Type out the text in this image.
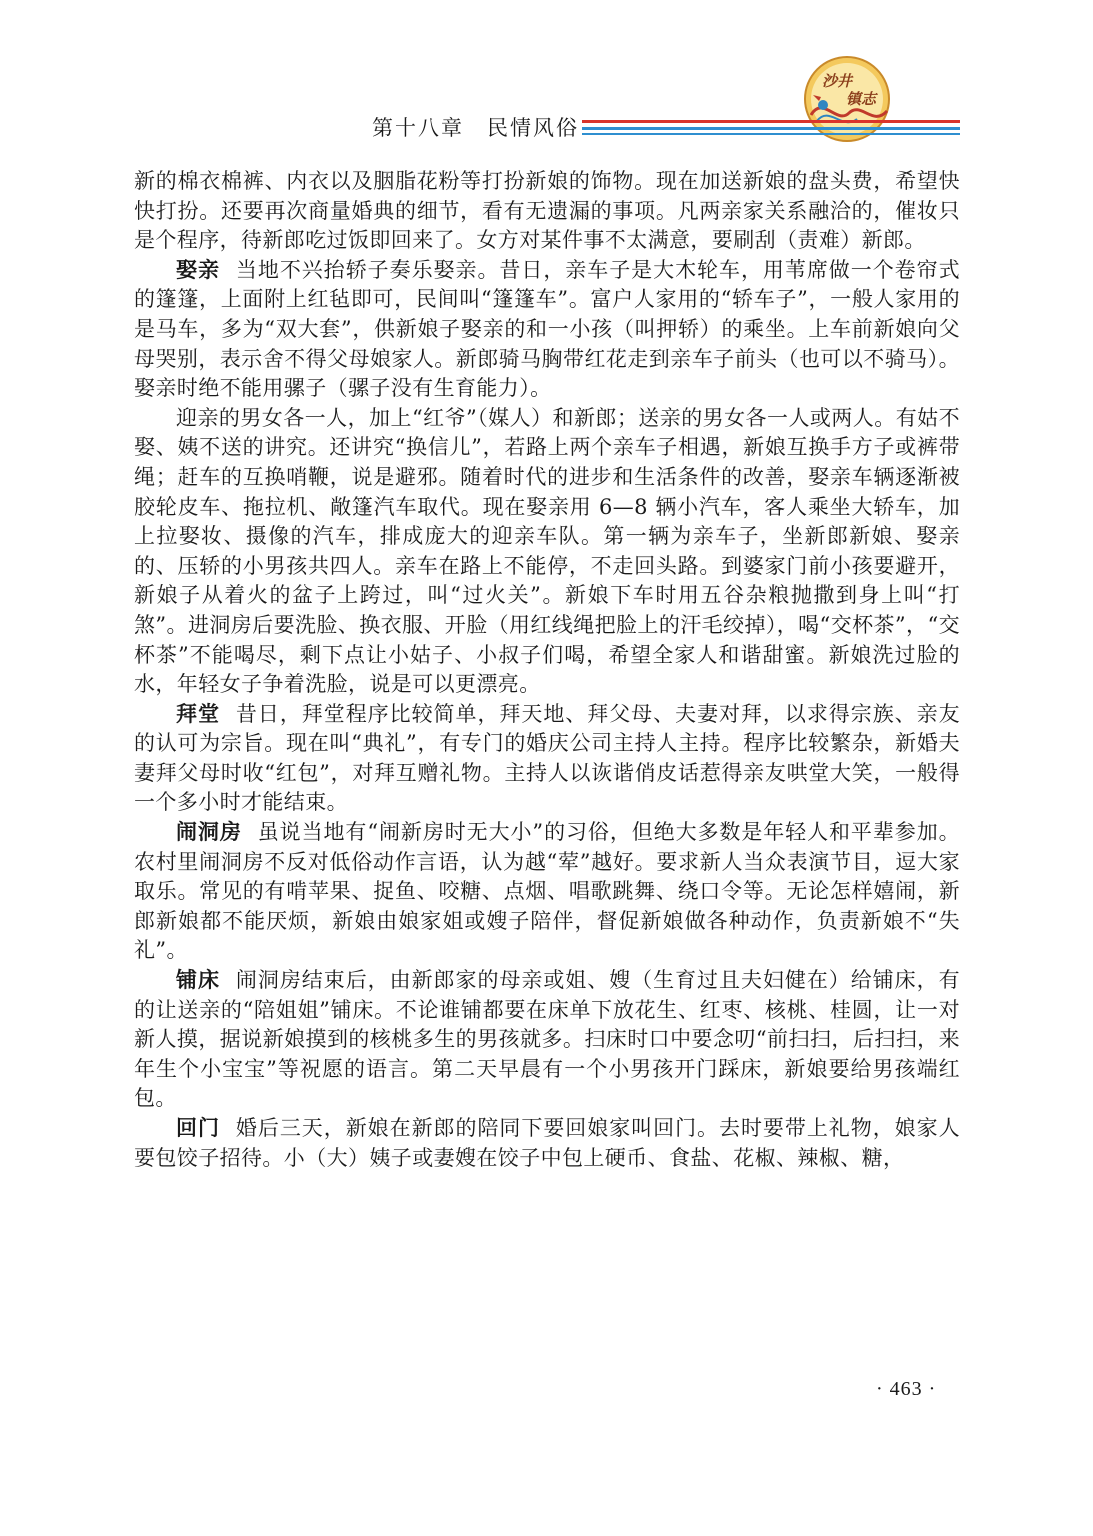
沙井
镇志
第十八章　民情风俗

新的棉衣棉裤、内衣以及胭脂花粉等打扮新娘的饰物。现在加送新娘的盘头费，希望快快打扮。还要再次商量婚典的细节，看有无遗漏的事项。凡两亲家关系融洽的，催妆只是个程序，待新郎吃过饭即回来了。女方对某件事不太满意，要刷刮（责难）新郎。

娶亲 当地不兴抬轿子奏乐娶亲。昔日，亲车子是大木轮车，用苇席做一个卷帘式的篷篷，上面附上红毡即可，民间叫“篷篷车”。富户人家用的“轿车子”，一般人家用的是马车，多为“双大套”，供新娘子娶亲的和一小孩（叫押轿）的乘坐。上车前新娘向父母哭别，表示舍不得父母娘家人。新郎骑马胸带红花走到亲车子前头（也可以不骑马）。娶亲时绝不能用骡子（骡子没有生育能力）。

迎亲的男女各一人，加上“红爷”（媒人）和新郎；送亲的男女各一人或两人。有姑不娶、姨不送的讲究。还讲究“换信儿”，若路上两个亲车子相遇，新娘互换手方子或裤带绳；赶车的互换哨鞭，说是避邪。随着时代的进步和生活条件的改善，娶亲车辆逐渐被胶轮皮车、拖拉机、敞篷汽车取代。现在娶亲用 6—8 辆小汽车，客人乘坐大轿车，加上拉娶妆、摄像的汽车，排成庞大的迎亲车队。第一辆为亲车子，坐新郎新娘、娶亲的、压轿的小男孩共四人。亲车在路上不能停，不走回头路。到婆家门前小孩要避开，新娘子从着火的盆子上跨过，叫“过火关”。新娘下车时用五谷杂粮抛撒到身上叫“打煞”。进洞房后要洗脸、换衣服、开脸（用红线绳把脸上的汗毛绞掉），喝“交杯茶”，“交杯茶”不能喝尽，剩下点让小姑子、小叔子们喝，希望全家人和谐甜蜜。新娘洗过脸的水，年轻女子争着洗脸，说是可以更漂亮。

拜堂 昔日，拜堂程序比较简单，拜天地、拜父母、夫妻对拜，以求得宗族、亲友的认可为宗旨。现在叫“典礼”，有专门的婚庆公司主持人主持。程序比较繁杂，新婚夫妻拜父母时收“红包”，对拜互赠礼物。主持人以诙谐俏皮话惹得亲友哄堂大笑，一般得一个多小时才能结束。

闹洞房 虽说当地有“闹新房时无大小”的习俗，但绝大多数是年轻人和平辈参加。农村里闹洞房不反对低俗动作言语，认为越“荤”越好。要求新人当众表演节目，逗大家取乐。常见的有啃苹果、捉鱼、咬糖、点烟、唱歌跳舞、绕口令等。无论怎样嬉闹，新郎新娘都不能厌烦，新娘由娘家姐或嫂子陪伴，督促新娘做各种动作，负责新娘不“失礼”。

铺床 闹洞房结束后，由新郎家的母亲或姐、嫂（生育过且夫妇健在）给铺床，有的让送亲的“陪姐姐”铺床。不论谁铺都要在床单下放花生、红枣、核桃、桂圆，让一对新人摸，据说新娘摸到的核桃多生的男孩就多。扫床时口中要念叨“前扫扫，后扫扫，来年生个小宝宝”等祝愿的语言。第二天早晨有一个小男孩开门踩床，新娘要给男孩端红包。

回门 婚后三天，新娘在新郎的陪同下要回娘家叫回门。去时要带上礼物，娘家人要包饺子招待。小（大）姨子或妻嫂在饺子中包上硬币、食盐、花椒、辣椒、糖，

· 463 ·
